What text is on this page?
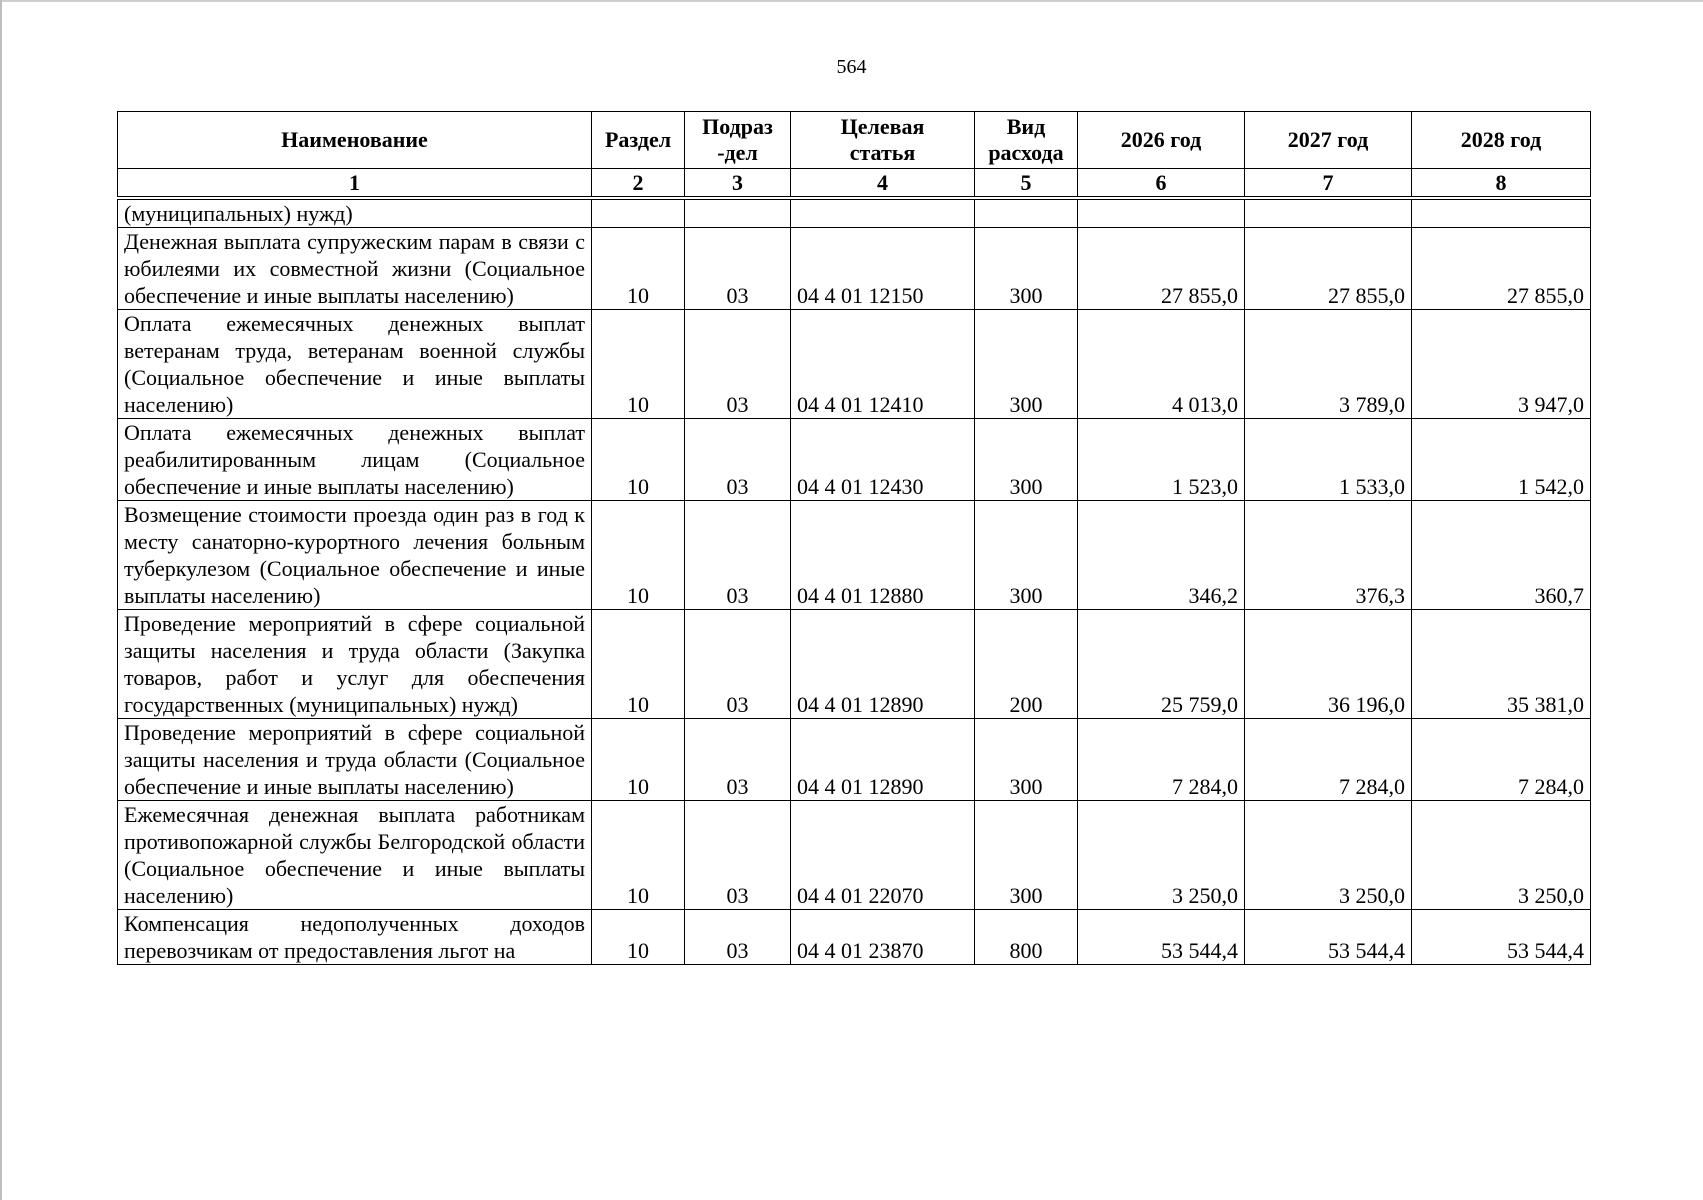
564
Наименование	Раздел	Подраз-дел	Целевая статья	Вид расхода	2026 год	2027 год	2028 год
1	2	3	4	5	6	7	8
(муниципальных) нужд)							
Денежная выплата супружеским парам в связи с юбилеями их совместной жизни (Социальное обеспечение и иные выплаты населению)	10	03	04 4 01 12150	300	27 855,0	27 855,0	27 855,0
Оплата ежемесячных денежных выплат ветеранам труда, ветеранам военной службы (Социальное обеспечение и иные выплаты населению)	10	03	04 4 01 12410	300	4 013,0	3 789,0	3 947,0
Оплата ежемесячных денежных выплат реабилитированным лицам (Социальное обеспечение и иные выплаты населению)	10	03	04 4 01 12430	300	1 523,0	1 533,0	1 542,0
Возмещение стоимости проезда один раз в год к месту санаторно-курортного лечения больным туберкулезом (Социальное обеспечение и иные выплаты населению)	10	03	04 4 01 12880	300	346,2	376,3	360,7
Проведение мероприятий в сфере социальной защиты населения и труда области (Закупка товаров, работ и услуг для обеспечения государственных (муниципальных) нужд)	10	03	04 4 01 12890	200	25 759,0	36 196,0	35 381,0
Проведение мероприятий в сфере социальной защиты населения и труда области (Социальное обеспечение и иные выплаты населению)	10	03	04 4 01 12890	300	7 284,0	7 284,0	7 284,0
Ежемесячная денежная выплата работникам противопожарной службы Белгородской области (Социальное обеспечение и иные выплаты населению)	10	03	04 4 01 22070	300	3 250,0	3 250,0	3 250,0
Компенсация недополученных доходов перевозчикам от предоставления льгот на	10	03	04 4 01 23870	800	53 544,4	53 544,4	53 544,4
